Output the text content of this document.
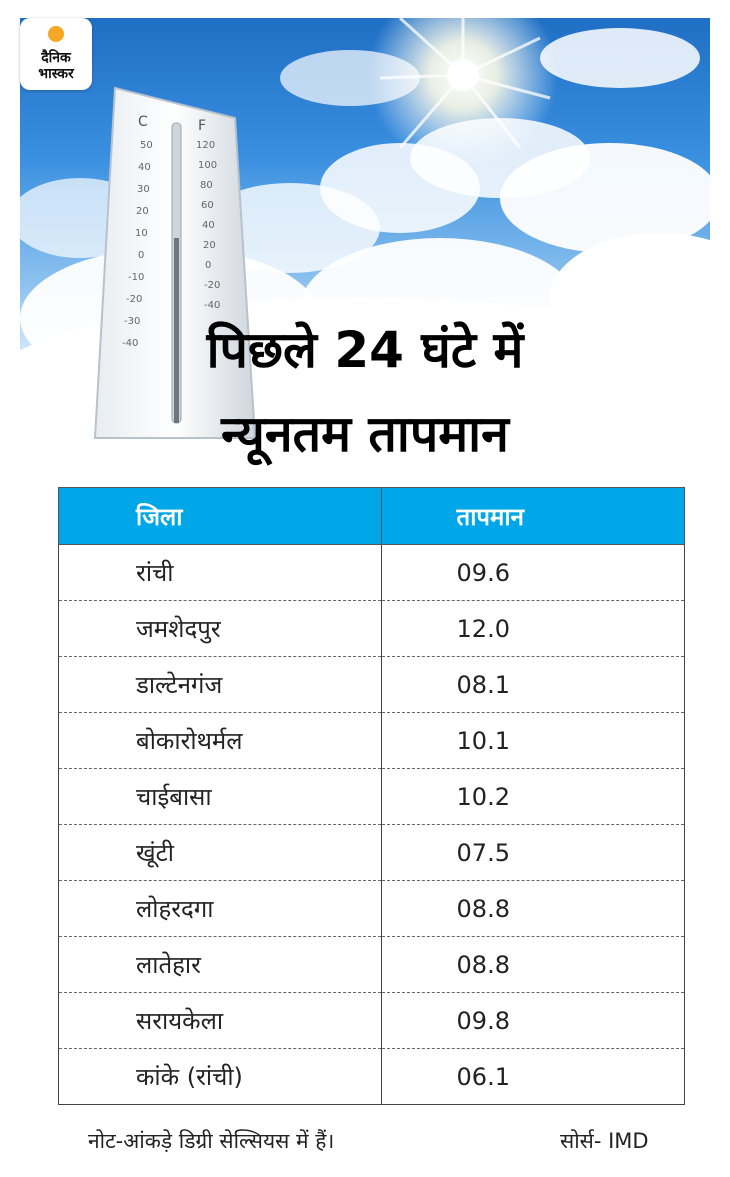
C	F
50
40
30
20
10
0
-10
-20
-30
-40
120
100
80
60
40
20
0
-20
-40
दैनिक
भास्कर
पिछले 24 घंटे में
न्यूनतम तापमान
जिला	तापमान
रांची	09.6
जमशेदपुर	12.0
डाल्टेनगंज	08.1
बोकारोथर्मल	10.1
चाईबासा	10.2
खूंटी	07.5
लोहरदगा	08.8
लातेहार	08.8
सरायकेला	09.8
कांके (रांची)	06.1
नोट-आंकड़े डिग्री सेल्सियस में हैं।	सोर्स- IMD
